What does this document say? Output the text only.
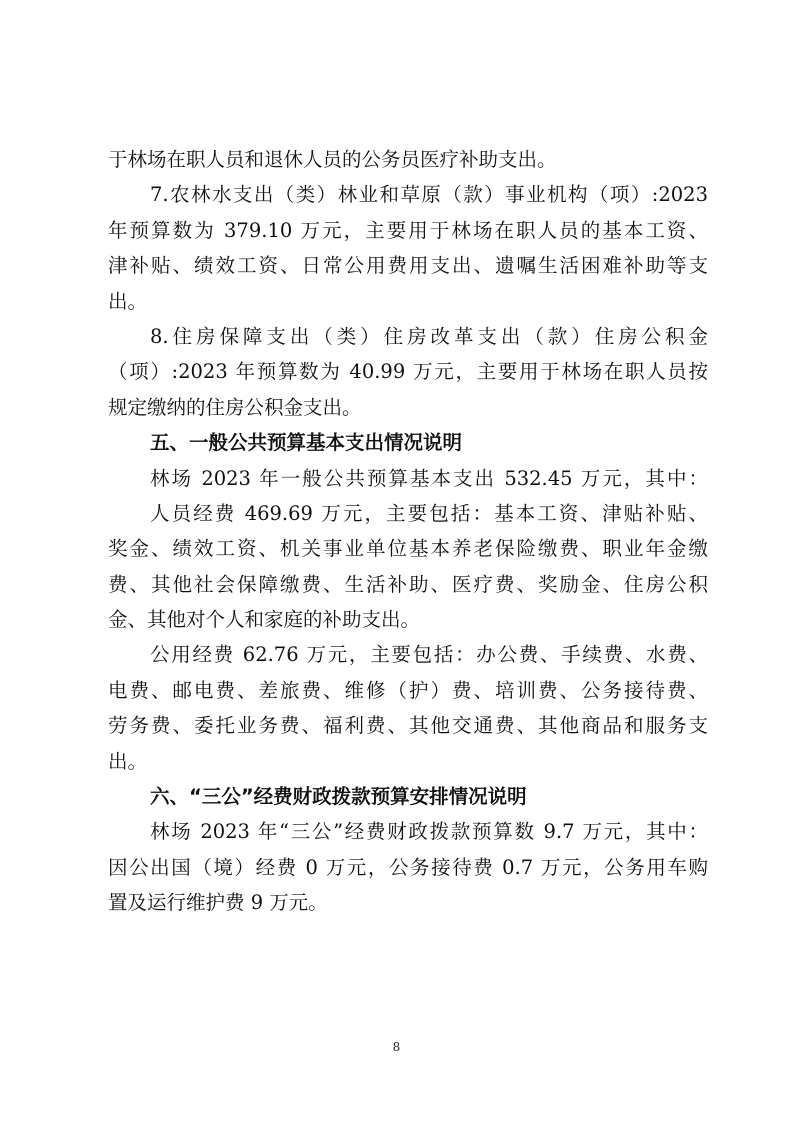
于林场在职人员和退休人员的公务员医疗补助支出。
7.农林水支出（类）林业和草原（款）事业机构（项）:2023
年预算数为 379.10 万元，主要用于林场在职人员的基本工资、
津补贴、绩效工资、日常公用费用支出、遗嘱生活困难补助等支
出。
8.住房保障支出（类）住房改革支出（款）住房公积金
（项）:2023 年预算数为 40.99 万元，主要用于林场在职人员按
规定缴纳的住房公积金支出。
五、一般公共预算基本支出情况说明
林场 2023 年一般公共预算基本支出 532.45 万元，其中：
人员经费 469.69 万元，主要包括：基本工资、津贴补贴、
奖金、绩效工资、机关事业单位基本养老保险缴费、职业年金缴
费、其他社会保障缴费、生活补助、医疗费、奖励金、住房公积
金、其他对个人和家庭的补助支出。
公用经费 62.76 万元，主要包括：办公费、手续费、水费、
电费、邮电费、差旅费、维修（护）费、培训费、公务接待费、
劳务费、委托业务费、福利费、其他交通费、其他商品和服务支
出。
六、“三公”经费财政拨款预算安排情况说明
林场 2023 年“三公”经费财政拨款预算数 9.7 万元，其中：
因公出国（境）经费 0 万元，公务接待费 0.7 万元，公务用车购
置及运行维护费 9 万元。
8
